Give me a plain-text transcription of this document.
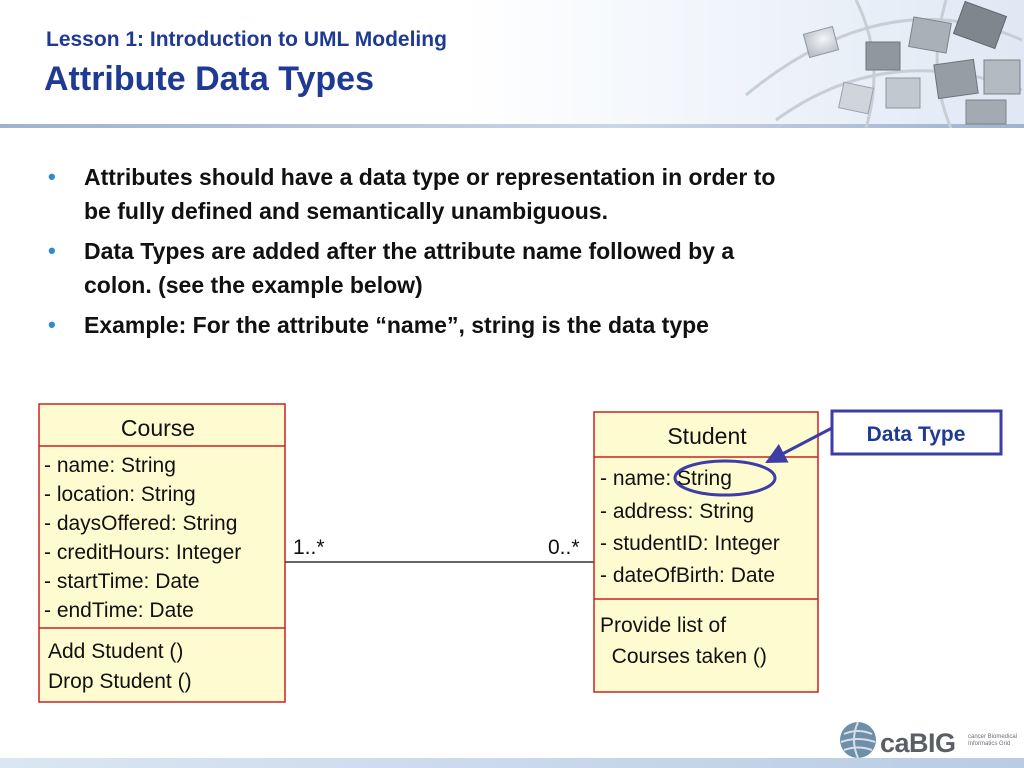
Lesson 1: Introduction to UML Modeling
Attribute Data Types
• Attributes should have a data type or representation in order to
be fully defined and semantically unambiguous.
• Data Types are added after the attribute name followed by a
colon. (see the example below)
• Example: For the attribute “name”, string is the data type
Course
- name: String
- location: String
- daysOffered: String
- creditHours: Integer
- startTime: Date
- endTime: Date
Add Student ()
Drop Student ()
1..*	0..*
Student
- name: String
- address: String
- studentID: Integer
- dateOfBirth: Date
Provide list of
Courses taken ()
Data Type
caBIG cancer Biomedical Informatics Grid
